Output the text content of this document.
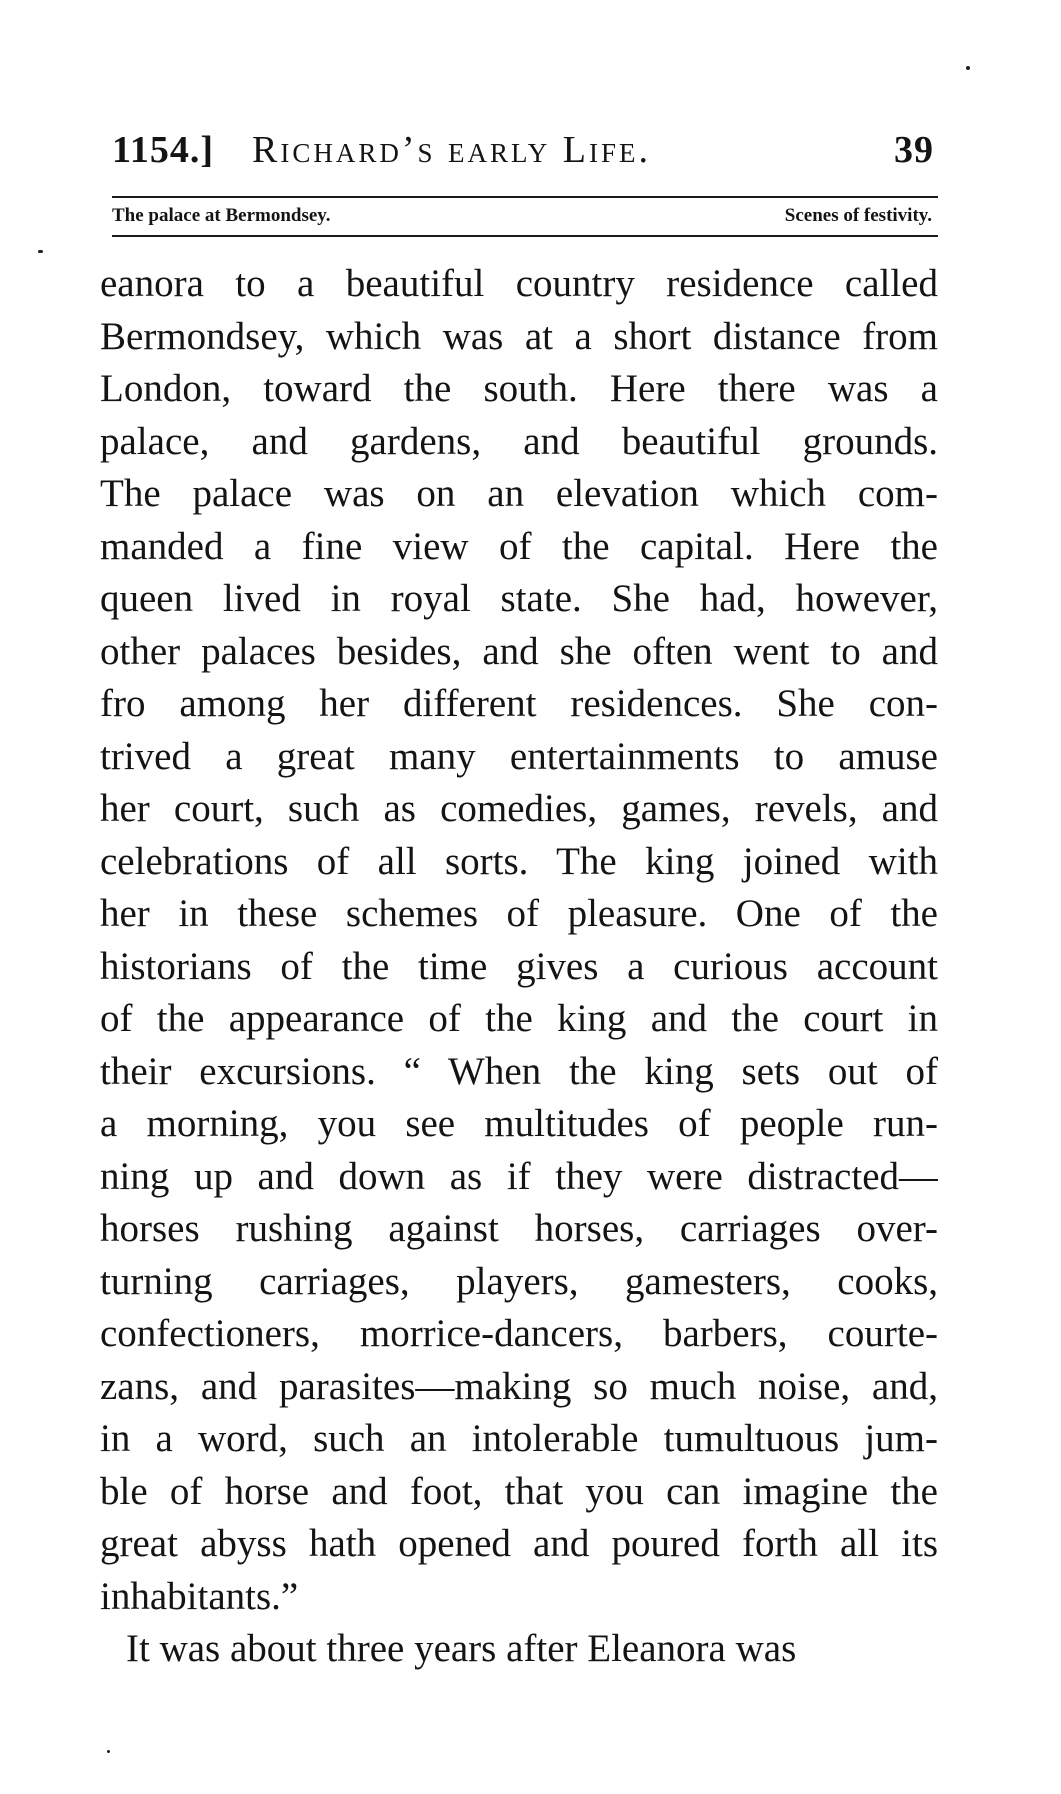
1154.] Richard’s early Life.	39
The palace at Bermondsey.	Scenes of festivity.
eanora to a beautiful country residence called
Bermondsey, which was at a short distance from
London, toward the south. Here there was a
palace, and gardens, and beautiful grounds.
The palace was on an elevation which com-
manded a fine view of the capital. Here the
queen lived in royal state. She had, however,
other palaces besides, and she often went to and
fro among her different residences. She con-
trived a great many entertainments to amuse
her court, such as comedies, games, revels, and
celebrations of all sorts. The king joined with
her in these schemes of pleasure. One of the
historians of the time gives a curious account
of the appearance of the king and the court in
their excursions. “ When the king sets out of
a morning, you see multitudes of people run-
ning up and down as if they were distracted—
horses rushing against horses, carriages over-
turning carriages, players, gamesters, cooks,
confectioners, morrice-dancers, barbers, courte-
zans, and parasites—making so much noise, and,
in a word, such an intolerable tumultuous jum-
ble of horse and foot, that you can imagine the
great abyss hath opened and poured forth all its
inhabitants.”
It was about three years after Eleanora was
